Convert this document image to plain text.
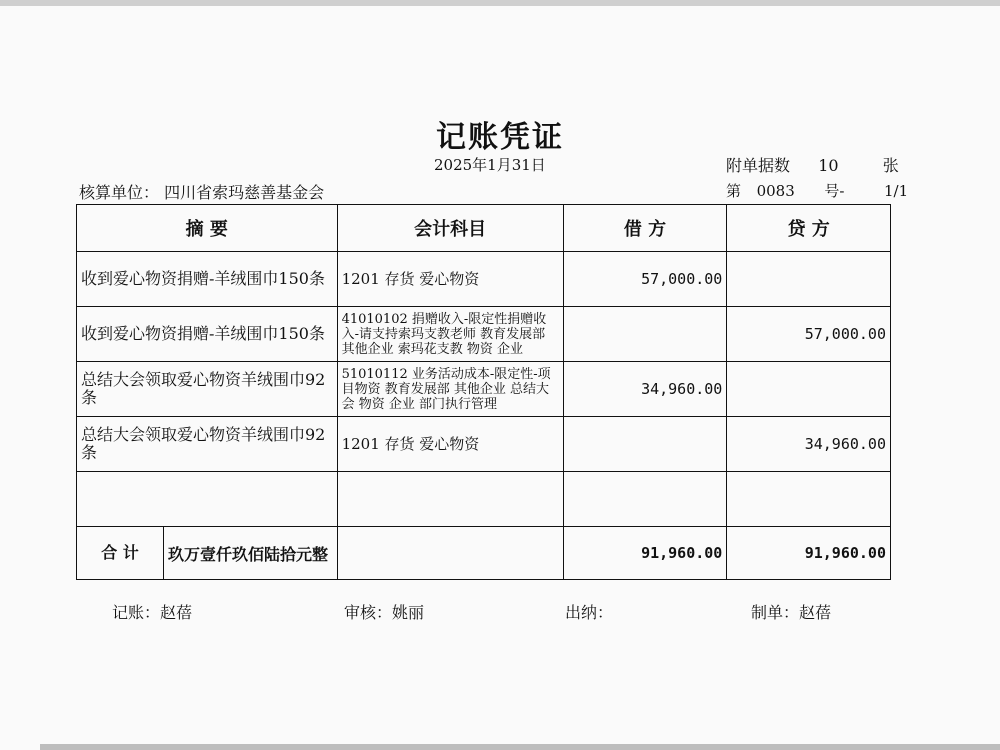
记账凭证
2025年1月31日	附单据数 10	张
核算单位： 四川省索玛慈善基金会	第 0083 号-	1/1
摘 要	会计科目	借 方	贷 方
收到爱心物资捐赠-羊绒围巾150条	1201 存货 爱心物资	57,000.00	
收到爱心物资捐赠-羊绒围巾150条	41010102 捐赠收入-限定性捐赠收入-请支持索玛支教老师 教育发展部 其他企业 索玛花支教 物资 企业		57,000.00
总结大会领取爱心物资羊绒围巾92条	51010112 业务活动成本-限定性-项目物资 教育发展部 其他企业 总结大会 物资 企业 部门执行管理	34,960.00	
总结大会领取爱心物资羊绒围巾92条	1201 存货 爱心物资		34,960.00

合 计 玖万壹仟玖佰陆拾元整		91,960.00	91,960.00
记账：赵蓓	审核：姚丽	出纳：	制单：赵蓓
